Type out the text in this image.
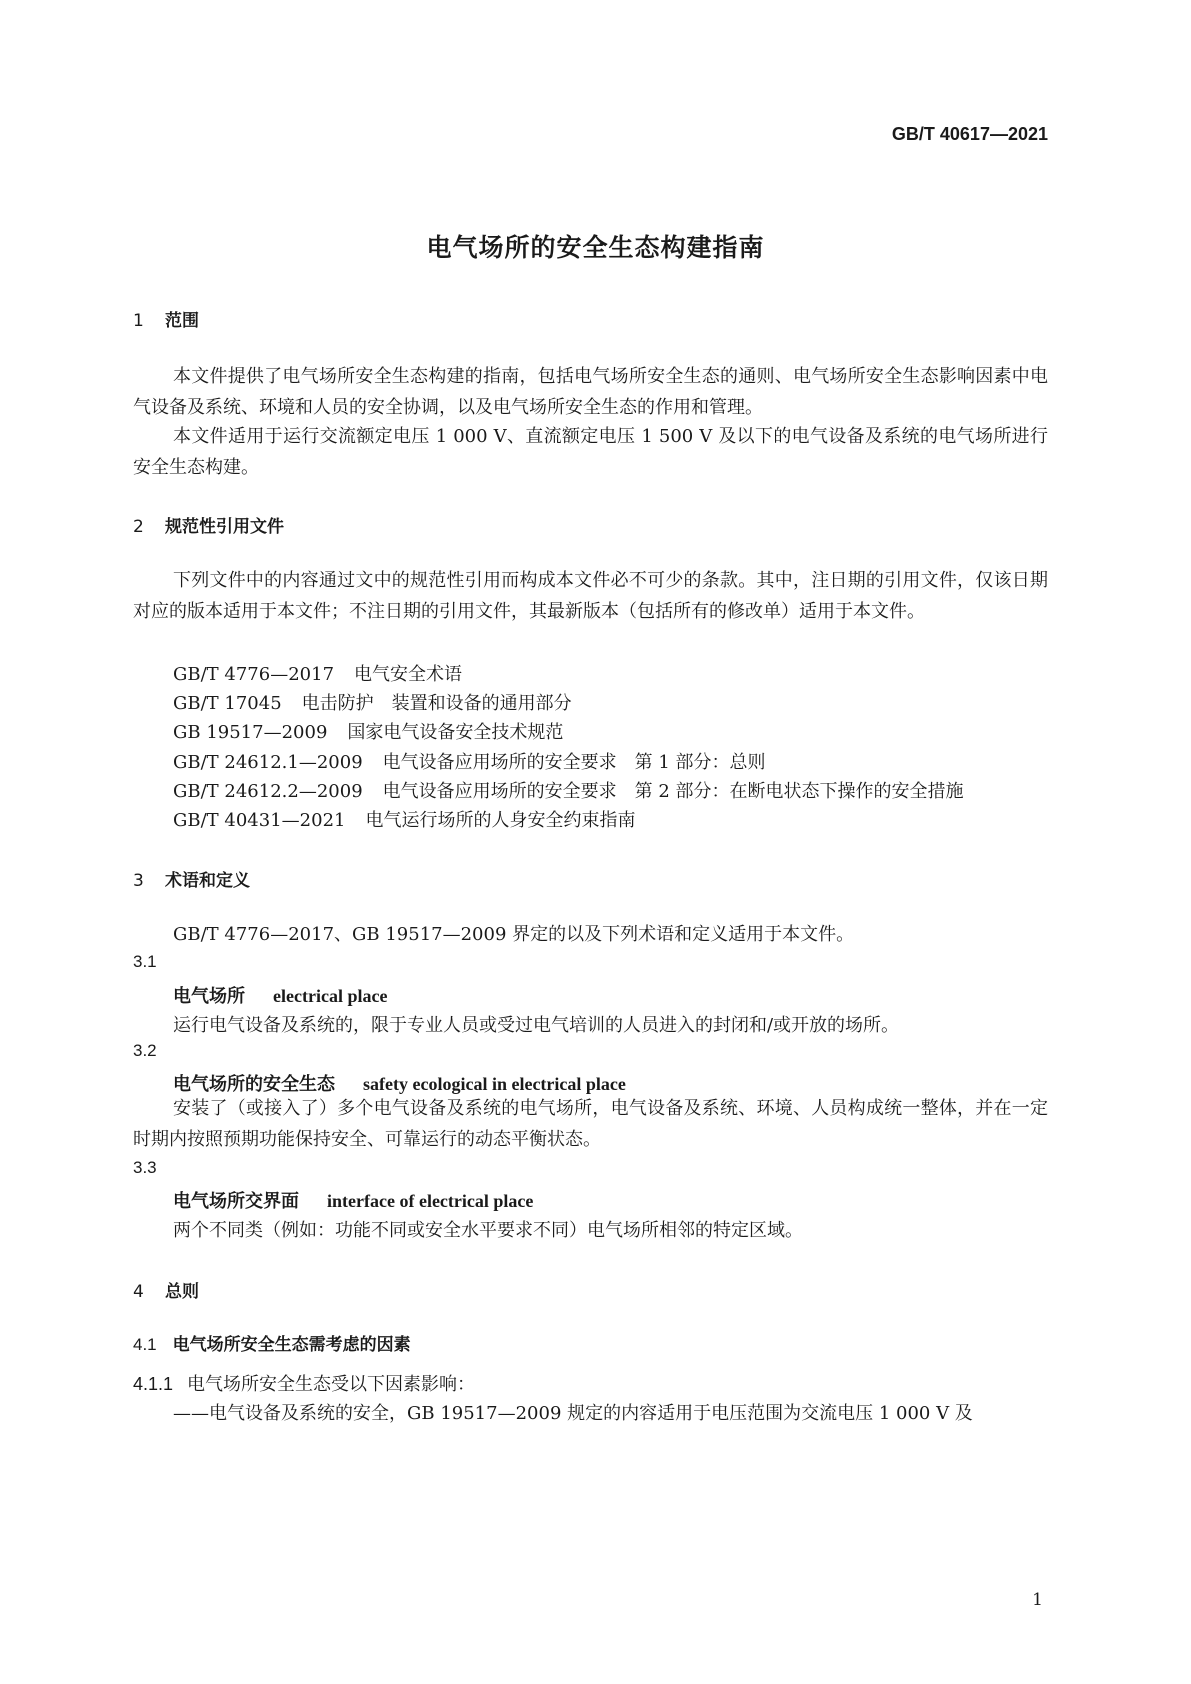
GB/T 40617—2021
电气场所的安全生态构建指南
1 范围
本文件提供了电气场所安全生态构建的指南，包括电气场所安全生态的通则、电气场所安全生态影响因素中电气设备及系统、环境和人员的安全协调，以及电气场所安全生态的作用和管理。
本文件适用于运行交流额定电压 1 000 V、直流额定电压 1 500 V 及以下的电气设备及系统的电气场所进行安全生态构建。
2 规范性引用文件
下列文件中的内容通过文中的规范性引用而构成本文件必不可少的条款。其中，注日期的引用文件，仅该日期对应的版本适用于本文件；不注日期的引用文件，其最新版本（包括所有的修改单）适用于本文件。
GB/T 4776—2017 电气安全术语
GB/T 17045 电击防护　装置和设备的通用部分
GB 19517—2009 国家电气设备安全技术规范
GB/T 24612.1—2009 电气设备应用场所的安全要求　第 1 部分：总则
GB/T 24612.2—2009 电气设备应用场所的安全要求　第 2 部分：在断电状态下操作的安全措施
GB/T 40431—2021 电气运行场所的人身安全约束指南
3 术语和定义
GB/T 4776—2017、GB 19517—2009 界定的以及下列术语和定义适用于本文件。
3.1
电气场所 electrical place
运行电气设备及系统的，限于专业人员或受过电气培训的人员进入的封闭和/或开放的场所。
3.2
电气场所的安全生态 safety ecological in electrical place
安装了（或接入了）多个电气设备及系统的电气场所，电气设备及系统、环境、人员构成统一整体，并在一定时期内按照预期功能保持安全、可靠运行的动态平衡状态。
3.3
电气场所交界面 interface of electrical place
两个不同类（例如：功能不同或安全水平要求不同）电气场所相邻的特定区域。
4 总则
4.1 电气场所安全生态需考虑的因素
4.1.1 电气场所安全生态受以下因素影响：
——电气设备及系统的安全，GB 19517—2009 规定的内容适用于电压范围为交流电压 1 000 V 及
1
